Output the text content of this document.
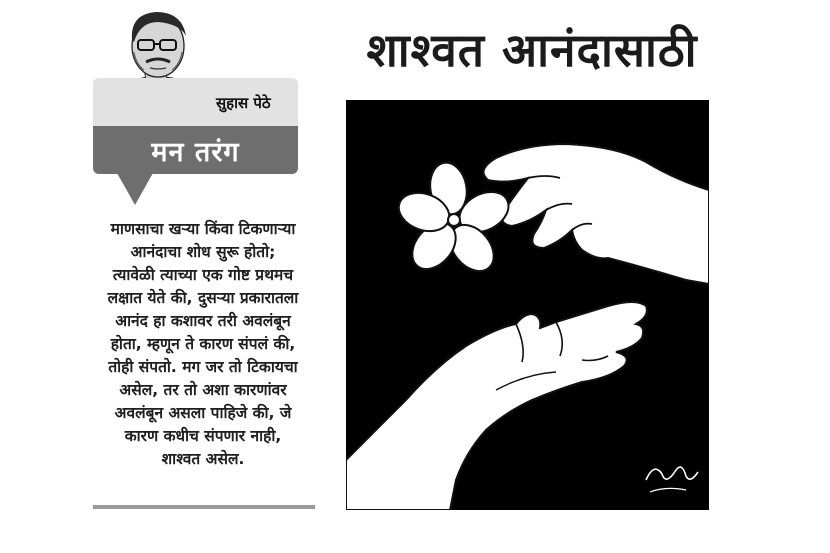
सुहास पेठे
मन तरंग

माणसाचा खऱ्या किंवा टिकणाऱ्या

आनंदाचा शोध सुरू होतो;

त्यावेळी त्याच्या एक गोष्ट प्रथमच

लक्षात येते की, दुसऱ्या प्रकारातला

आनंद हा कशावर तरी अवलंबून

होता, म्हणून ते कारण संपलं की,

तोही संपतो. मग जर तो टिकायचा

असेल, तर तो अशा कारणांवर

अवलंबून असला पाहिजे की, जे

कारण कधीच संपणार नाही,

शाश्वत असेल.

शाश्वत आनंदासाठी
